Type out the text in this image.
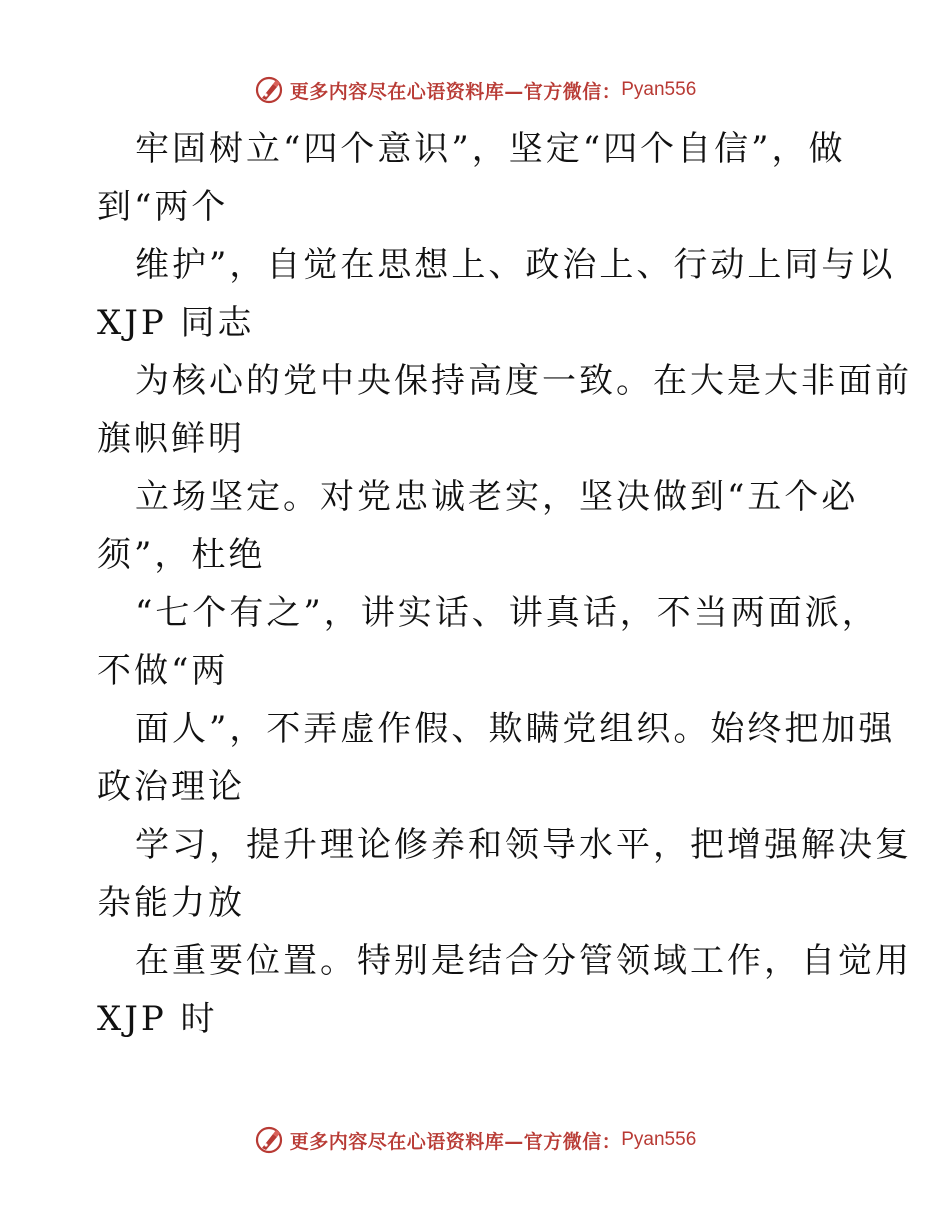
更多内容尽在心语资料库—官方微信： Pyan556
牢固树立“四个意识”，坚定“四个自信”，做
到“两个
维护”，自觉在思想上、政治上、行动上同与以
XJP 同志
为核心的党中央保持高度一致。在大是大非面前
旗帜鲜明
立场坚定。对党忠诚老实，坚决做到“五个必
须”，杜绝
“七个有之”，讲实话、讲真话，不当两面派，
不做“两
面人”，不弄虚作假、欺瞒党组织。始终把加强
政治理论
学习，提升理论修养和领导水平，把增强解决复
杂能力放
在重要位置。特别是结合分管领域工作，自觉用
XJP 时
更多内容尽在心语资料库—官方微信： Pyan556
